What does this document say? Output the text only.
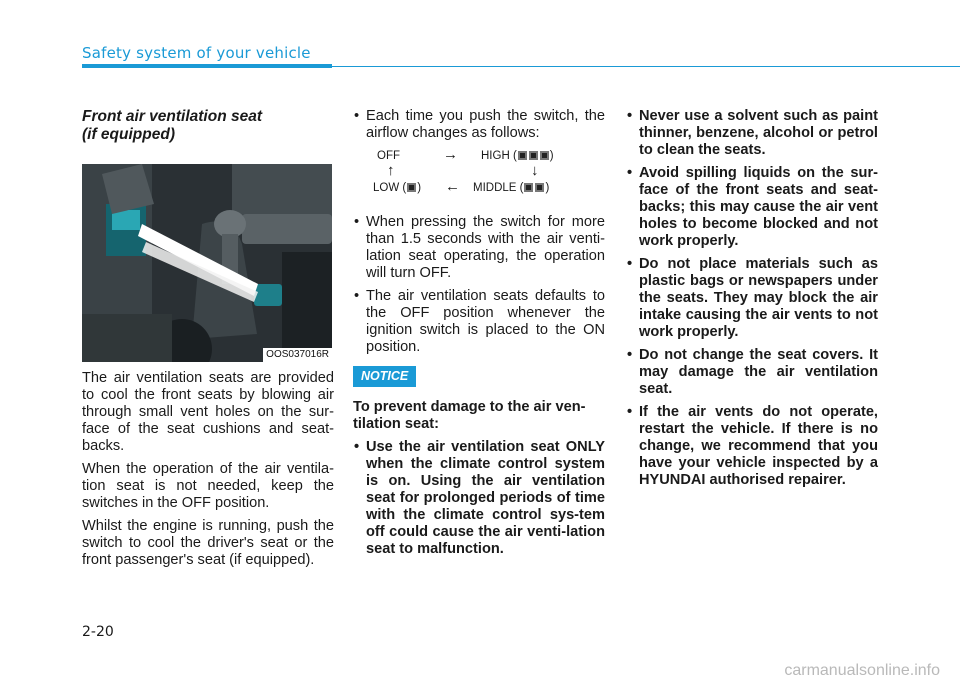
Safety system of your vehicle
Front air ventilation seat
(if equipped)
OOS037016R

The air ventilation seats are provided to cool the front seats by blowing air through small vent holes on the sur-face of the seat cushions and seat-backs.

When the operation of the air ventila-tion seat is not needed, keep the switches in the OFF position.

Whilst the engine is running, push the switch to cool the driver's seat or the front passenger's seat (if equipped).

• Each time you push the switch, the airflow changes as follows:
OFF	→ HIGH (	)
↑	↓
LOW ( ) ← MIDDLE ( )
• When pressing the switch for more than 1.5 seconds with the air venti-lation seat operating, the operation will turn OFF.
• The air ventilation seats defaults to the OFF position whenever the ignition switch is placed to the ON position.
NOTICE

To prevent damage to the air ven-tilation seat:

• Use the air ventilation seat ONLY when the climate control system is on. Using the air ventilation seat for prolonged periods of time with the climate control sys-tem off could cause the air venti-lation seat to malfunction.
• Never use a solvent such as paint thinner, benzene, alcohol or petrol to clean the seats.
• Avoid spilling liquids on the sur-face of the front seats and seat-backs; this may cause the air vent holes to become blocked and not work properly.
• Do not place materials such as plastic bags or newspapers under the seats. They may block the air intake causing the air vents to not work properly.
• Do not change the seat covers. It may damage the air ventilation seat.
• If the air vents do not operate, restart the vehicle. If there is no change, we recommend that you have your vehicle inspected by a HYUNDAI authorised repairer.
2-20
carmanualsonline.info
